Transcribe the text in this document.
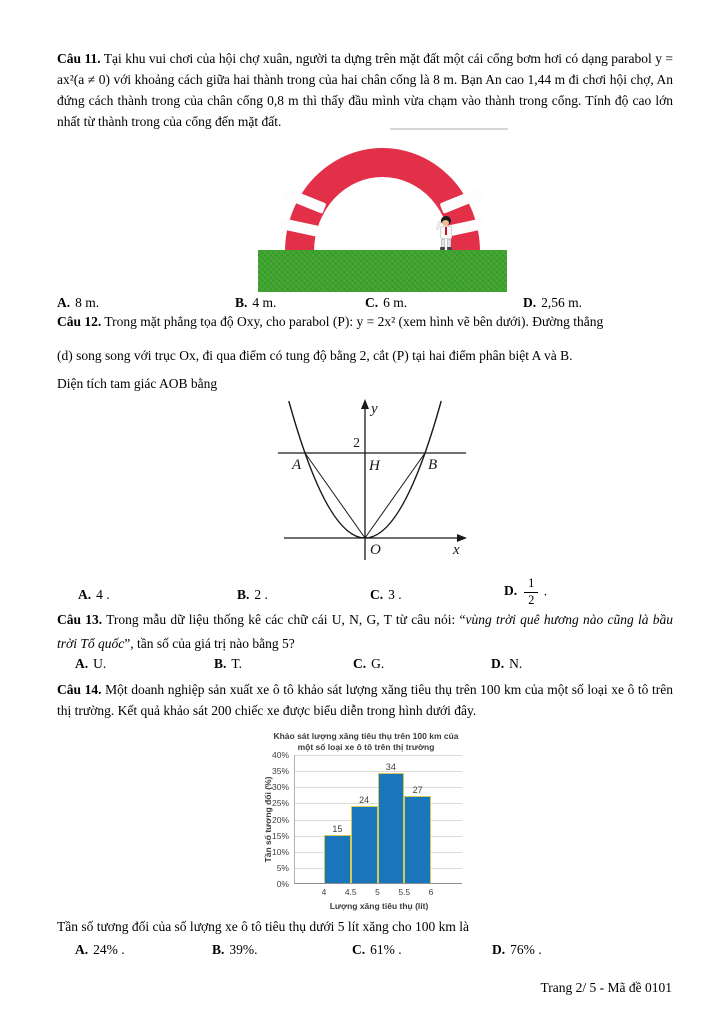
Câu 11. Tại khu vui chơi của hội chợ xuân, người ta dựng trên mặt đất một cái cổng bơm hơi có dạng parabol y = ax²(a ≠ 0) với khoảng cách giữa hai thành trong của hai chân cổng là 8 m. Bạn An cao 1,44 m đi chơi hội chợ, An đứng cách thành trong của chân cổng 0,8 m thì thấy đầu mình vừa chạm vào thành trong cổng. Tính độ cao lớn nhất từ thành trong của cổng đến mặt đất.
A. 8 m.	B. 4 m.	C. 6 m.	D. 2,56 m.
Câu 12. Trong mặt phẳng tọa độ Oxy, cho parabol (P): y = 2x² (xem hình vẽ bên dưới). Đường thẳng
(d) song song với trục Ox, đi qua điểm có tung độ bằng 2, cắt (P) tại hai điểm phân biệt A và B.
Diện tích tam giác AOB bằng
y
x
2
A	H	B
O
A. 4 .	B. 2 .	C. 3 .	D. $\frac{1}{2}$ .
Câu 13. Trong mẫu dữ liệu thống kê các chữ cái U, N, G, T từ câu nói: “vùng trời quê hương nào cũng là bầu trời Tổ quốc”, tần số của giá trị nào bằng 5?
A. U.	B. T.	C. G.	D. N.
Câu 14. Một doanh nghiệp sản xuất xe ô tô khảo sát lượng xăng tiêu thụ trên 100 km của một số loại xe ô tô trên thị trường. Kết quả khảo sát 200 chiếc xe được biểu diễn trong hình dưới đây.
Khảo sát lượng xăng tiêu thụ trên 100 km của
một số loại xe ô tô trên thị trường
Tần số tương đối (%)
Lượng xăng tiêu thụ (lít)
0%
5%
10%
15%
20%
25%
30%
35%
40%
15
24
34
27
4	4.5	5	5.5	6
Tần số tương đối của số lượng xe ô tô tiêu thụ dưới 5 lít xăng cho 100 km là
A. 24% .	B. 39%.	C. 61% .	D. 76% .
Trang 2/ 5 - Mã đề 0101
